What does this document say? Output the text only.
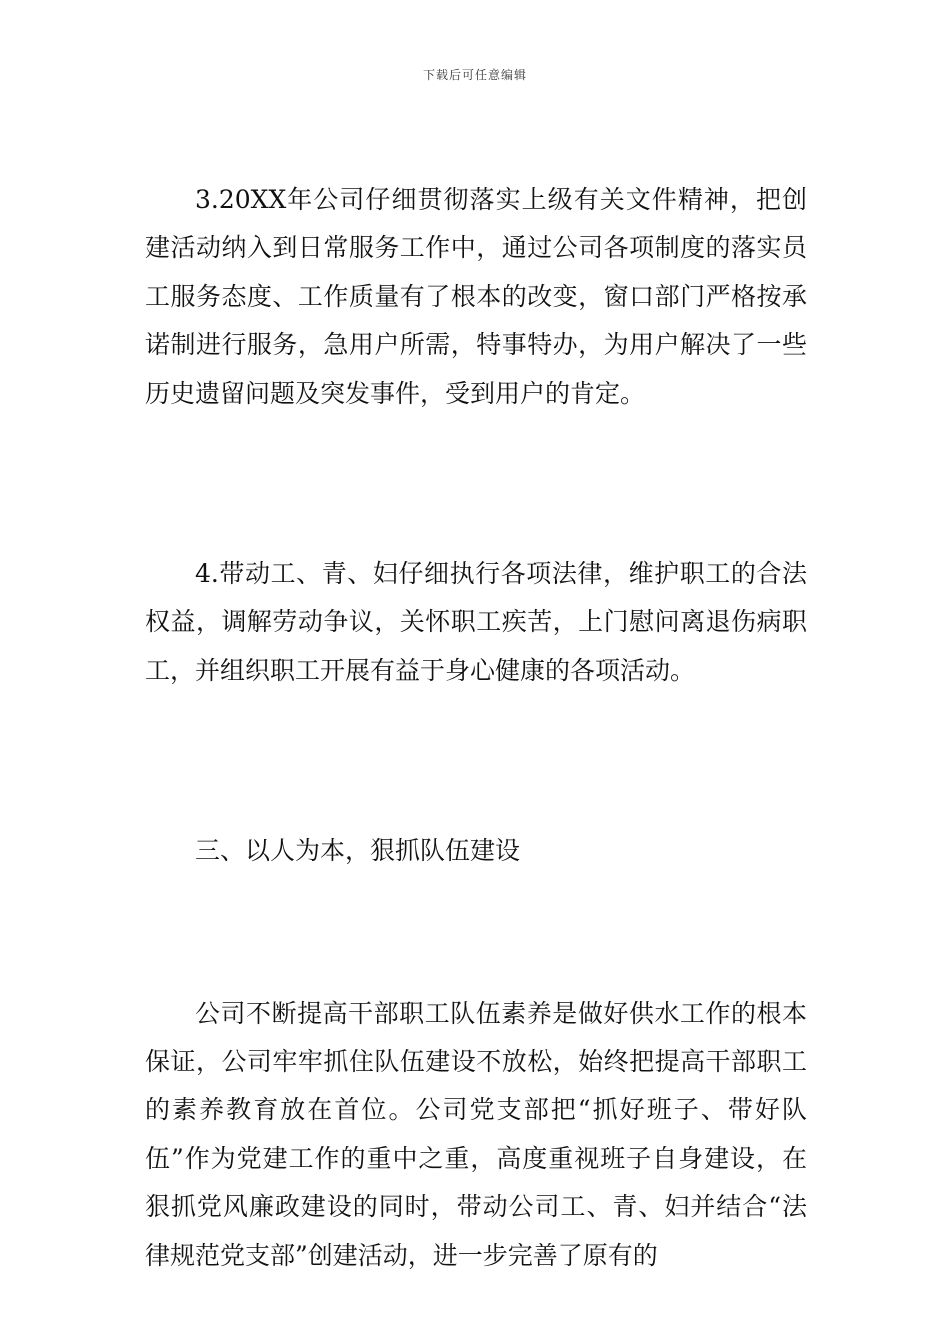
下载后可任意编辑

3.20XX年公司仔细贯彻落实上级有关文件精神，把创建活动纳入到日常服务工作中，通过公司各项制度的落实员工服务态度、工作质量有了根本的改变，窗口部门严格按承诺制进行服务，急用户所需，特事特办，为用户解决了一些历史遗留问题及突发事件，受到用户的肯定。

4.带动工、青、妇仔细执行各项法律，维护职工的合法权益，调解劳动争议，关怀职工疾苦，上门慰问离退伤病职工，并组织职工开展有益于身心健康的各项活动。

三、以人为本，狠抓队伍建设

公司不断提高干部职工队伍素养是做好供水工作的根本保证，公司牢牢抓住队伍建设不放松，始终把提高干部职工的素养教育放在首位。公司党支部把“抓好班子、带好队伍”作为党建工作的重中之重，高度重视班子自身建设，在狠抓党风廉政建设的同时，带动公司工、青、妇并结合“法律规范党支部”创建活动，进一步完善了原有的
